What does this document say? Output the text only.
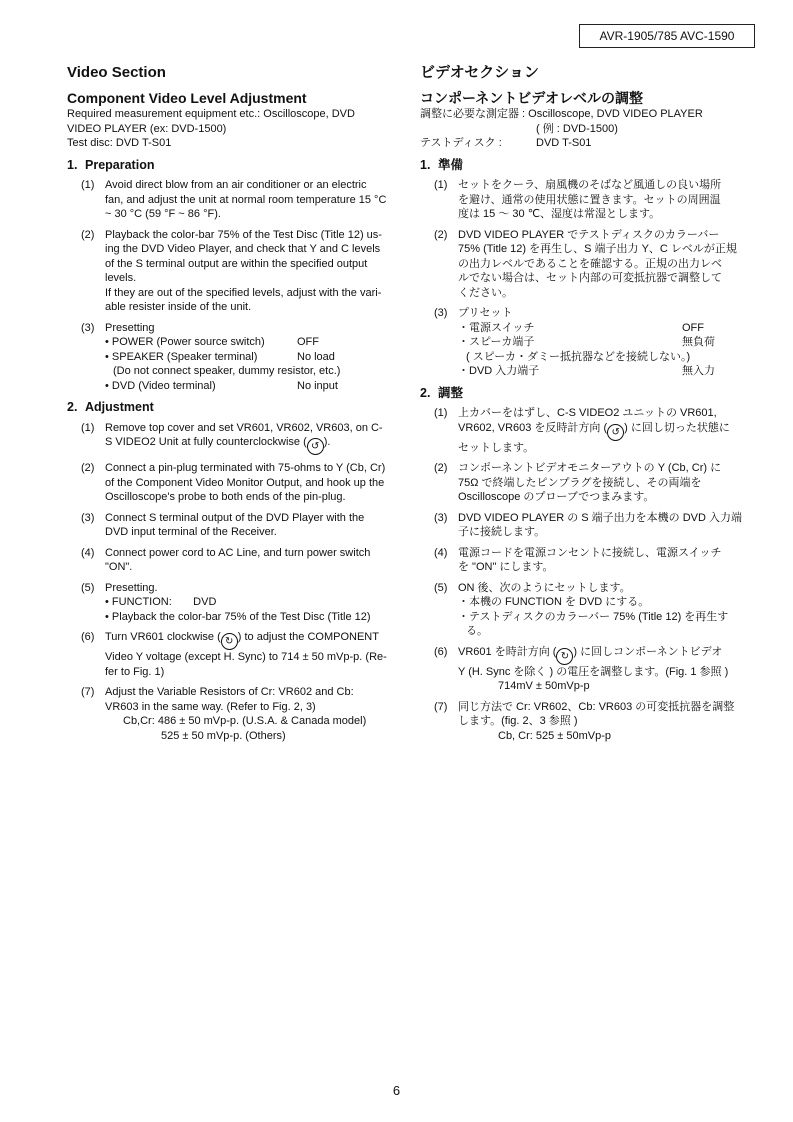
AVR-1905/785 AVC-1590
Video Section
Component Video Level Adjustment

Required measurement equipment etc.: Oscilloscope, DVD

VIDEO PLAYER (ex: DVD-1500)

Test disc: DVD T-S01

1. Preparation
(1) Avoid direct blow from an air conditioner or an electric
fan, and adjust the unit at normal room temperature 15 °C
~ 30 °C (59 °F ~ 86 °F).
(2) Playback the color-bar 75% of the Test Disc (Title 12) us-
ing the DVD Video Player, and check that Y and C levels
of the S terminal output are within the specified output
levels.
If they are out of the specified levels, adjust with the vari-
able resister inside of the unit.
(3) Presetting
• POWER (Power source switch)	OFF
• SPEAKER (Speaker terminal)	No load
(Do not connect speaker, dummy resistor, etc.)
• DVD (Video terminal)	No input
2. Adjustment
(1) Remove top cover and set VR601, VR602, VR603, on C-
S VIDEO2 Unit at fully counterclockwise ( ↺ ).
(2) Connect a pin-plug terminated with 75-ohms to Y (Cb, Cr)
of the Component Video Monitor Output, and hook up the
Oscilloscope's probe to both ends of the pin-plug.
(3) Connect S terminal output of the DVD Player with the
DVD input terminal of the Receiver.
(4) Connect power cord to AC Line, and turn power switch
"ON".
(5) Presetting.
• FUNCTION:       DVD
• Playback the color-bar 75% of the Test Disc (Title 12)
(6) Turn VR601 clockwise ( ↻ ) to adjust the COMPONENT
Video Y voltage (except H. Sync) to 714 ± 50 mVp-p. (Re-
fer to Fig. 1)
(7) Adjust the Variable Resistors of Cr: VR602 and Cb:
VR603 in the same way. (Refer to Fig. 2, 3)
Cb,Cr: 486 ± 50 mVp-p. (U.S.A. & Canada model)
525 ± 50 mVp-p. (Others)
ビデオセクション
コンポーネントビデオレベルの調整

調整に必要な測定器 : Oscilloscope, DVD VIDEO PLAYER

( 例 : DVD-1500)

テストディスク :	DVD T-S01
1. 準備
(1) セットをクーラ、扇風機のそばなど風通しの良い場所
を避け、通常の使用状態に置きます。セットの周囲温
度は 15 〜 30 ℃、湿度は常湿とします。
(2) DVD VIDEO PLAYER でテストディスクのカラーバー
75% (Title 12) を再生し、S 端子出力 Y、C レベルが正規
の出力レベルであることを確認する。正規の出力レベ
ルでない場合は、セット内部の可変抵抗器で調整して
ください。
(3) プリセット
・電源スイッチ	OFF
・スピーカ端子	無負荷
( スピーカ・ダミー抵抗器などを接続しない。)
・DVD 入力端子	無入力
2. 調整
(1) 上カバーをはずし、C-S VIDEO2 ユニットの VR601,
VR602, VR603 を反時計方向 ( ↺ ) に回し切った状態に
セットします。
(2) コンポーネントビデオモニターアウトの Y (Cb, Cr) に
75Ω で終端したピンプラグを接続し、その両端を
Oscilloscope のプローブでつまみます。
(3) DVD VIDEO PLAYER の S 端子出力を本機の DVD 入力端
子に接続します。
(4) 電源コードを電源コンセントに接続し、電源スイッチ
を "ON" にします。
(5) ON 後、次のようにセットします。
・本機の FUNCTION を DVD にする。
・テストディスクのカラーバー 75% (Title 12) を再生す
る。
(6) VR601 を時計方向 ( ↻ ) に回しコンポーネントビデオ
Y (H. Sync を除く ) の電圧を調整します。(Fig. 1 参照 )
714mV ± 50mVp-p
(7) 同じ方法で Cr: VR602、Cb: VR603 の可変抵抗器を調整
します。(fig. 2、3 参照 )
Cb, Cr: 525 ± 50mVp-p
6
